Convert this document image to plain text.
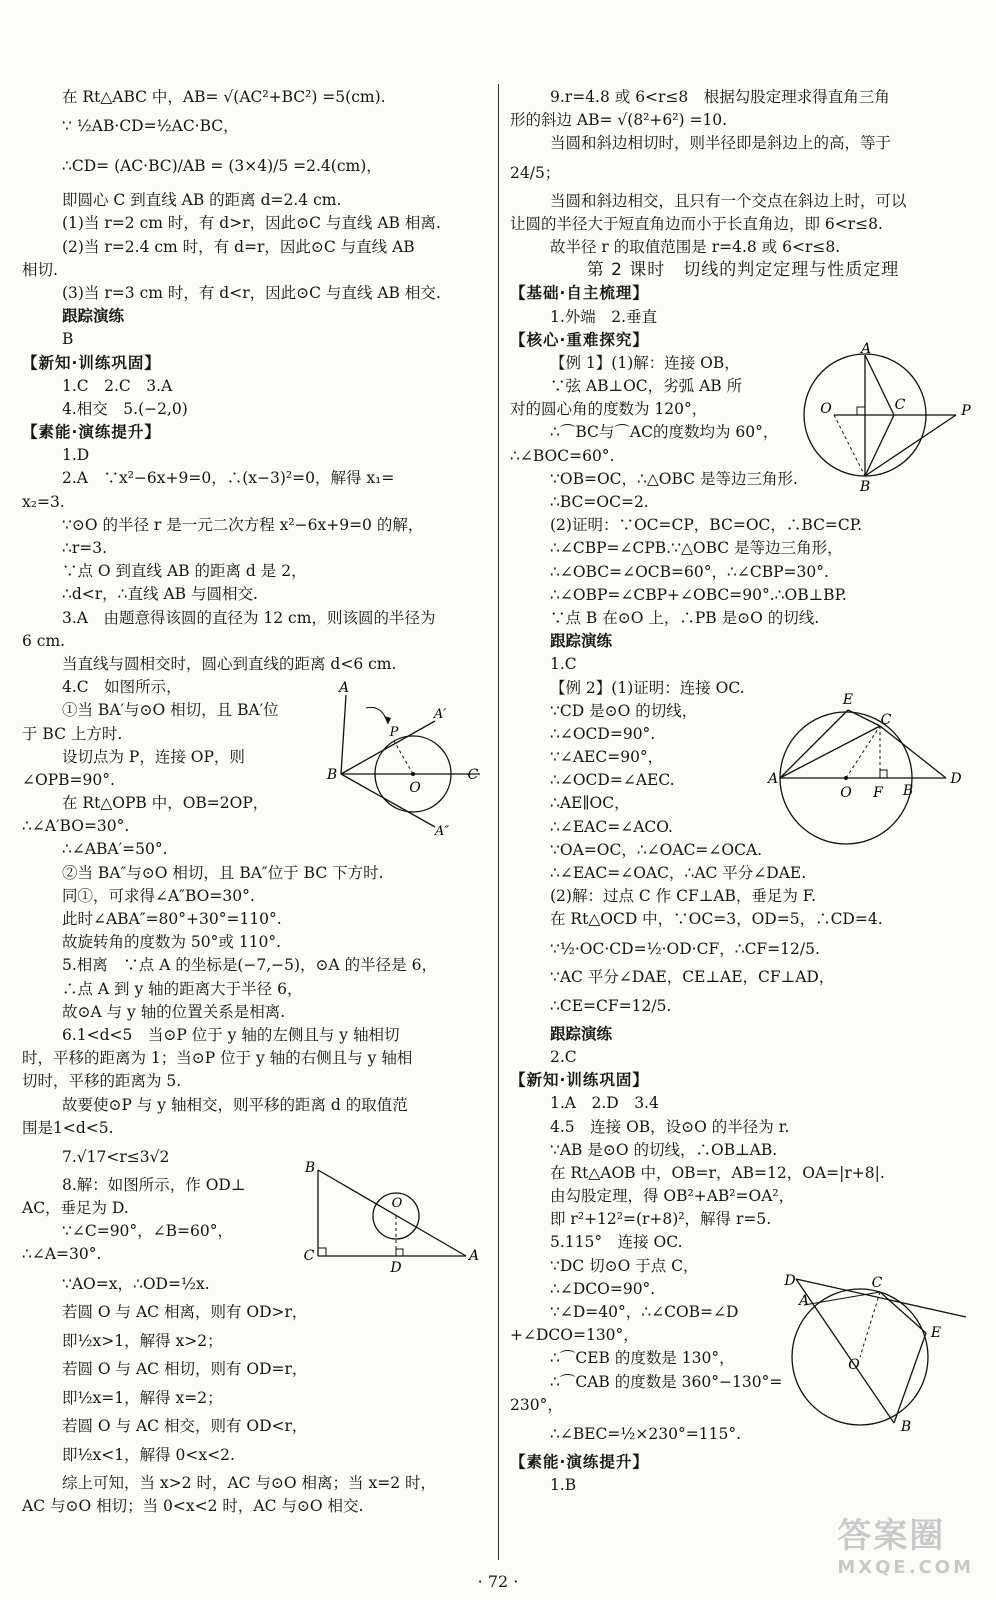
在 Rt△ABC 中，AB= √(AC²+BC²) =5(cm).
∵ ½AB·CD=½AC·BC，
∴CD= (AC·BC)/AB = (3×4)/5 =2.4(cm)，
即圆心 C 到直线 AB 的距离 d=2.4 cm.
(1)当 r=2 cm 时，有 d>r，因此⊙C 与直线 AB 相离.
(2)当 r=2.4 cm 时，有 d=r，因此⊙C 与直线 AB
相切.
(3)当 r=3 cm 时，有 d<r，因此⊙C 与直线 AB 相交.
跟踪演练
B
【新知·训练巩固】
1.C　2.C　3.A
4.相交　5.(−2,0)
【素能·演练提升】
1.D
2.A　∵x²−6x+9=0，∴(x−3)²=0，解得 x₁=
x₂=3.
∵⊙O 的半径 r 是一元二次方程 x²−6x+9=0 的解，
∴r=3.
∵点 O 到直线 AB 的距离 d 是 2，
∴d<r，∴直线 AB 与圆相交.
3.A　由题意得该圆的直径为 12 cm，则该圆的半径为
6 cm.
当直线与圆相交时，圆心到直线的距离 d<6 cm.
4.C　如图所示，
①当 BA′与⊙O 相切，且 BA′位
于 BC 上方时.
设切点为 P，连接 OP，则
∠OPB=90°.
在 Rt△OPB 中，OB=2OP，
∴∠A′BO=30°.
∴∠ABA′=50°.
②当 BA″与⊙O 相切，且 BA″位于 BC 下方时.
同①，可求得∠A″BO=30°.
此时∠ABA″=80°+30°=110°.
故旋转角的度数为 50°或 110°.
5.相离　∵点 A 的坐标是(−7,−5)，⊙A 的半径是 6，
∴点 A 到 y 轴的距离大于半径 6，
故⊙A 与 y 轴的位置关系是相离.
6.1<d<5　当⊙P 位于 y 轴的左侧且与 y 轴相切
时，平移的距离为 1；当⊙P 位于 y 轴的右侧且与 y 轴相
切时，平移的距离为 5.
故要使⊙P 与 y 轴相交，则平移的距离 d 的取值范
围是1<d<5.
7.√17<r≤3√2
8.解：如图所示，作 OD⊥
AC，垂足为 D.
∵∠C=90°，∠B=60°，
∴∠A=30°.
∵AO=x，∴OD=½x.
若圆 O 与 AC 相离，则有 OD>r，
即½x>1，解得 x>2；
若圆 O 与 AC 相切，则有 OD=r，
即½x=1，解得 x=2；
若圆 O 与 AC 相交，则有 OD<r，
即½x<1，解得 0<x<2.
综上可知，当 x>2 时，AC 与⊙O 相离；当 x=2 时，
AC 与⊙O 相切；当 0<x<2 时，AC 与⊙O 相交.
9.r=4.8 或 6<r≤8　根据勾股定理求得直角三角
形的斜边 AB= √(8²+6²) =10.
当圆和斜边相切时，则半径即是斜边上的高，等于
24/5；
当圆和斜边相交，且只有一个交点在斜边上时，可以
让圆的半径大于短直角边而小于长直角边，即 6<r≤8.
故半径 r 的取值范围是 r=4.8 或 6<r≤8.
第 2 课时　切线的判定定理与性质定理
【基础·自主梳理】
1.外端　2.垂直
【核心·重难探究】
【例 1】(1)解：连接 OB，
∵弦 AB⊥OC，劣弧 AB 所
对的圆心角的度数为 120°，
∴⌒BC与⌒AC的度数均为 60°，
∴∠BOC=60°.
∵OB=OC，∴△OBC 是等边三角形.
∴BC=OC=2.
(2)证明：∵OC=CP，BC=OC，∴BC=CP.
∴∠CBP=∠CPB.∵△OBC 是等边三角形，
∴∠OBC=∠OCB=60°，∴∠CBP=30°.
∴∠OBP=∠CBP+∠OBC=90°.∴OB⊥BP.
∵点 B 在⊙O 上，∴PB 是⊙O 的切线.
跟踪演练
1.C
【例 2】(1)证明：连接 OC.
∵CD 是⊙O 的切线，
∴∠OCD=90°.
∵∠AEC=90°，
∴∠OCD=∠AEC.
∴AE∥OC，
∴∠EAC=∠ACO.
∵OA=OC，∴∠OAC=∠OCA.
∴∠EAC=∠OAC，∴AC 平分∠DAE.
(2)解：过点 C 作 CF⊥AB，垂足为 F.
在 Rt△OCD 中，∵OC=3，OD=5，∴CD=4.
∵½·OC·CD=½·OD·CF，∴CF=12/5.
∵AC 平分∠DAE，CE⊥AE，CF⊥AD，
∴CE=CF=12/5.
跟踪演练
2.C
【新知·训练巩固】
1.A　2.D　3.4
4.5　连接 OB，设⊙O 的半径为 r.
∵AB 是⊙O 的切线，∴OB⊥AB.
在 Rt△AOB 中，OB=r，AB=12，OA=|r+8|.
由勾股定理，得 OB²+AB²=OA²，
即 r²+12²=(r+8)²，解得 r=5.
5.115°　连接 OC.
∵DC 切⊙O 于点 C，
∴∠DCO=90°.
∵∠D=40°，∴∠COB=∠D
+∠DCO=130°，
∴⌒CEB 的度数是 130°，
∴⌒CAB 的度数是 360°−130°=
230°，
∴∠BEC=½×230°=115°.
【素能·演练提升】
1.B
A
P
A′
B
O
C
A″
B
O
C
D
A
A
O	C	P
B
E
C
A
O F B
D
D	C
A
E
O
B
· 72 ·
答案圈
MXQE.COM
